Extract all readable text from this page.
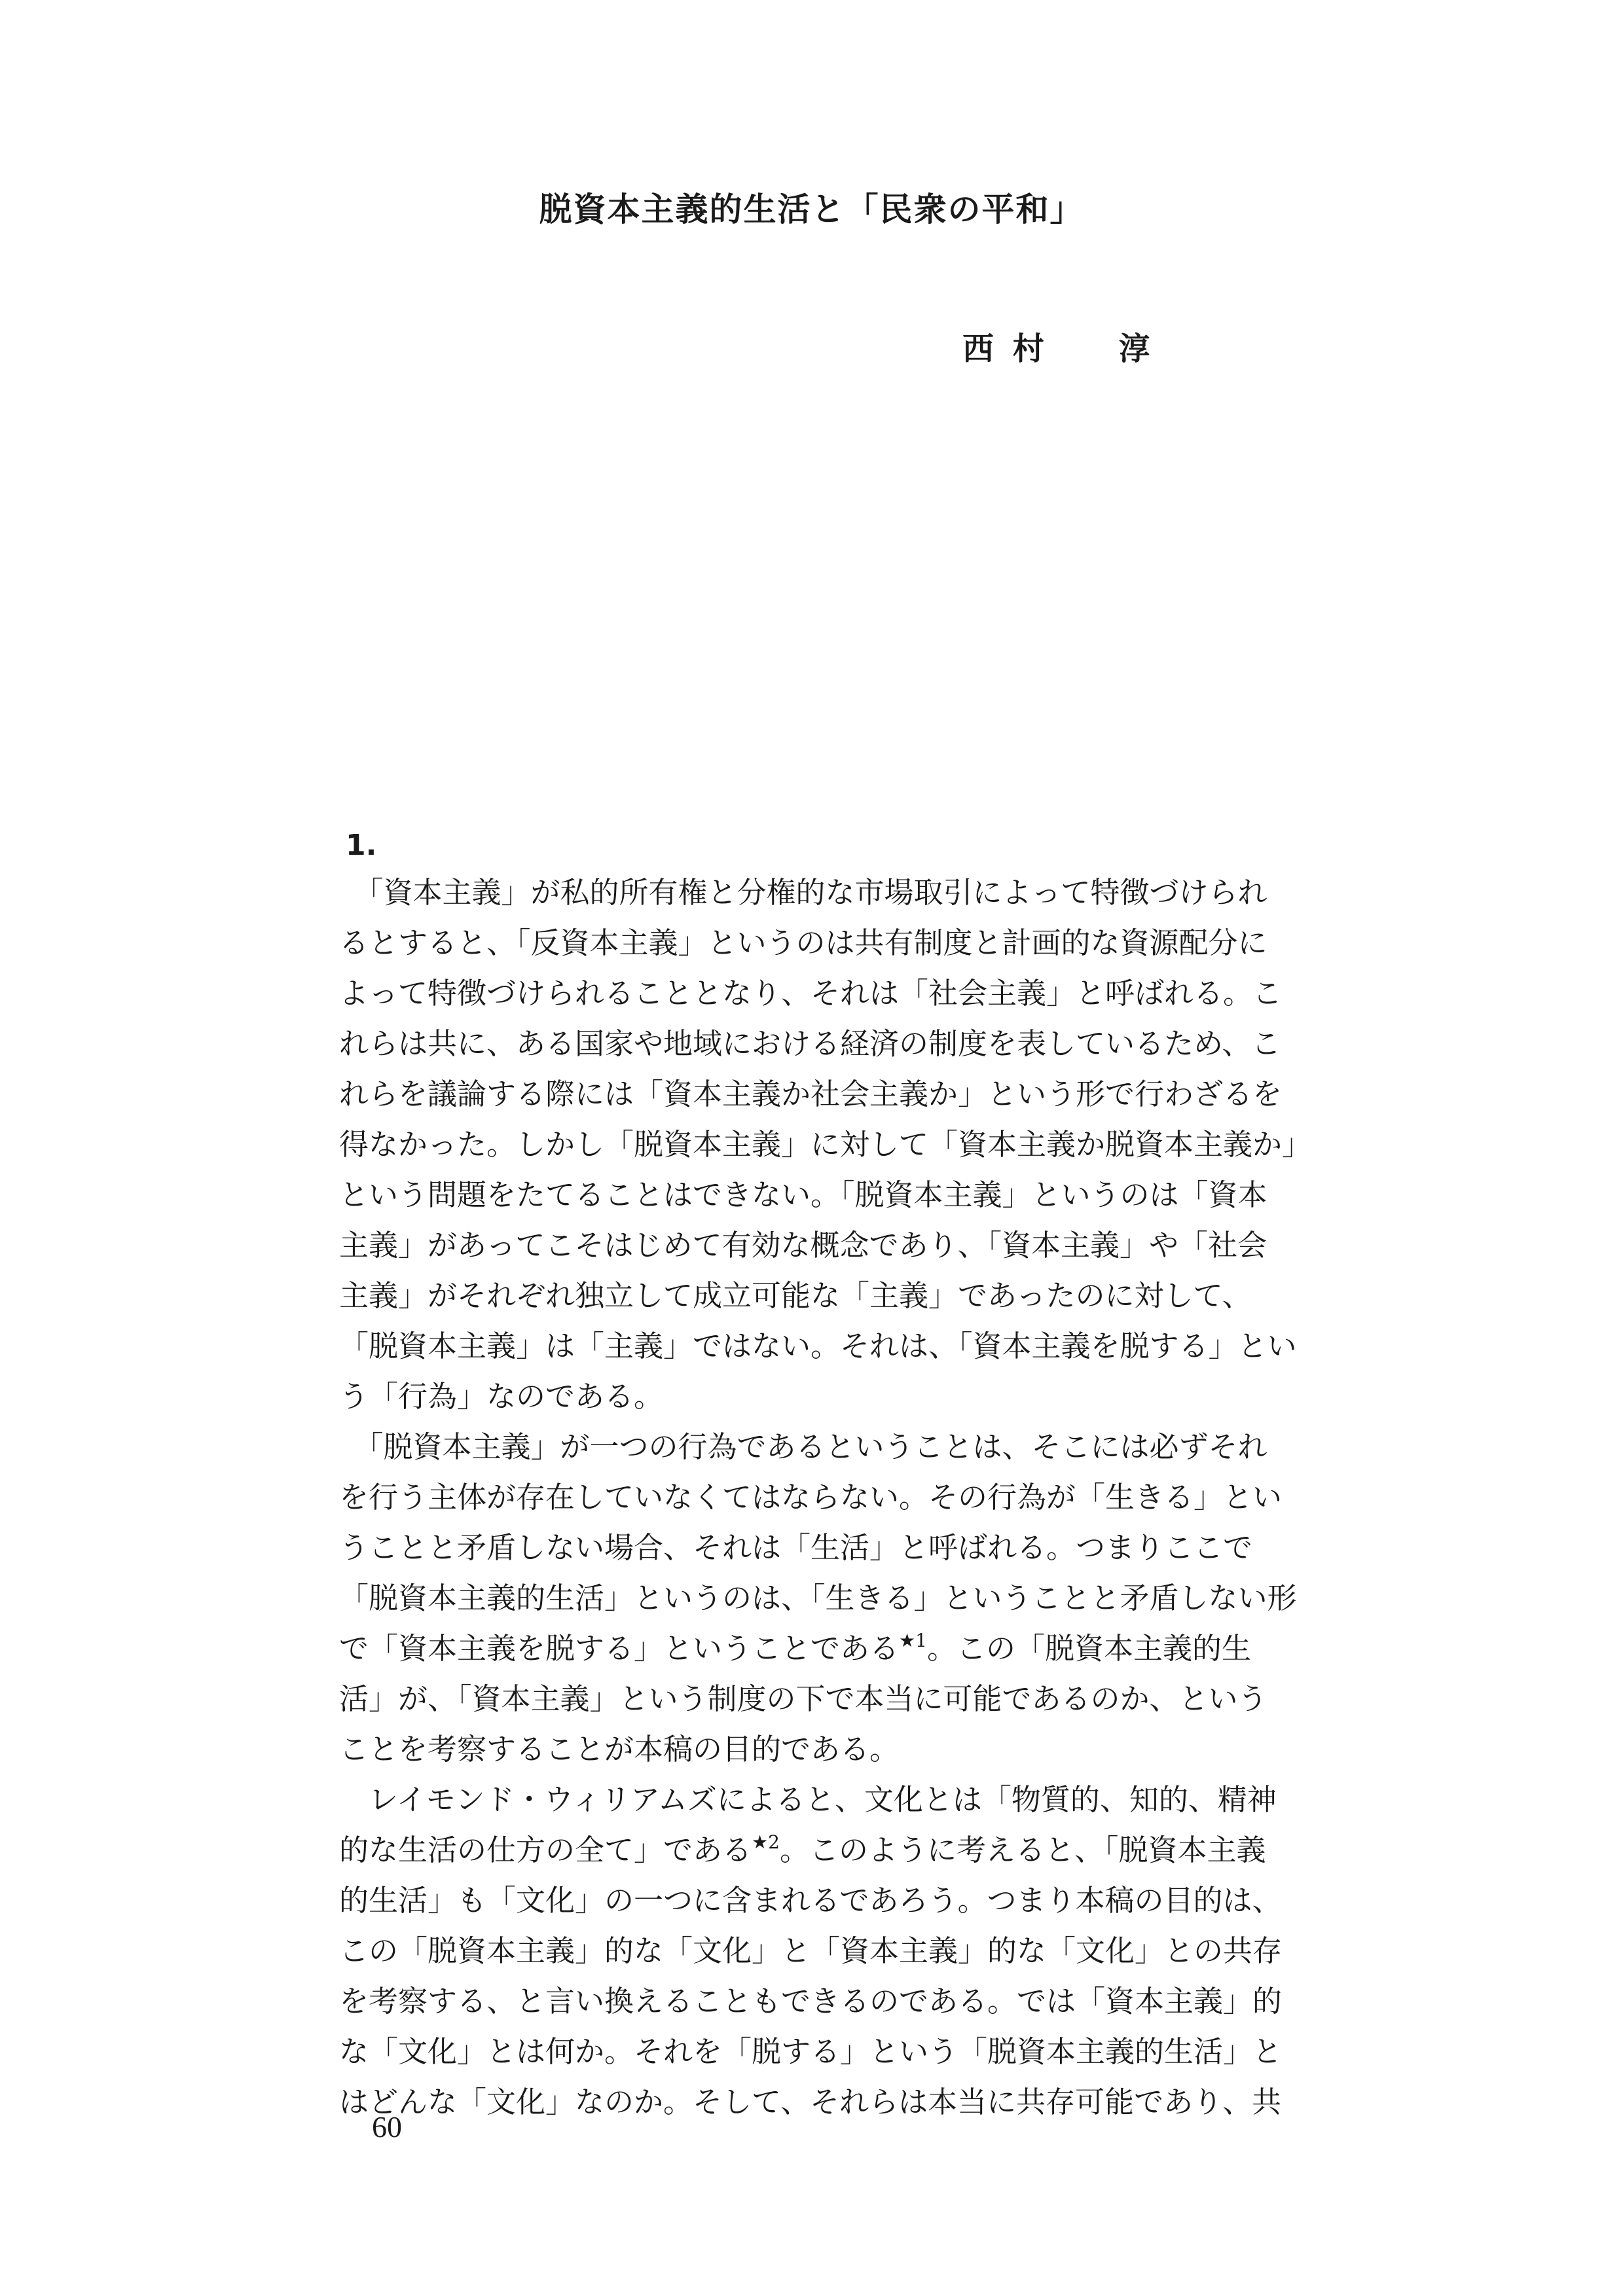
脱資本主義的生活と「民衆の平和」
西 村　　淳
1.
　「資本主義」が私的所有権と分権的な市場取引によって特徴づけられ
るとすると、「反資本主義」というのは共有制度と計画的な資源配分に
よって特徴づけられることとなり、それは「社会主義」と呼ばれる。こ
れらは共に、ある国家や地域における経済の制度を表しているため、こ
れらを議論する際には「資本主義か社会主義か」という形で行わざるを
得なかった。しかし「脱資本主義」に対して「資本主義か脱資本主義か」
という問題をたてることはできない。「脱資本主義」というのは「資本
主義」があってこそはじめて有効な概念であり、「資本主義」や「社会
主義」がそれぞれ独立して成立可能な「主義」であったのに対して、
「脱資本主義」は「主義」ではない。それは、「資本主義を脱する」とい
う「行為」なのである。
　「脱資本主義」が一つの行為であるということは、そこには必ずそれ
を行う主体が存在していなくてはならない。その行為が「生きる」とい
うことと矛盾しない場合、それは「生活」と呼ばれる。つまりここで
「脱資本主義的生活」というのは、「生きる」ということと矛盾しない形
で「資本主義を脱する」ということである$^{★1}$。この「脱資本主義的生
活」が、「資本主義」という制度の下で本当に可能であるのか、という
ことを考察することが本稿の目的である。
　レイモンド・ウィリアムズによると、文化とは「物質的、知的、精神
的な生活の仕方の全て」である$^{★2}$。このように考えると、「脱資本主義
的生活」も「文化」の一つに含まれるであろう。つまり本稿の目的は、
この「脱資本主義」的な「文化」と「資本主義」的な「文化」との共存
を考察する、と言い換えることもできるのである。では「資本主義」的
な「文化」とは何か。それを「脱する」という「脱資本主義的生活」と
はどんな「文化」なのか。そして、それらは本当に共存可能であり、共
60
